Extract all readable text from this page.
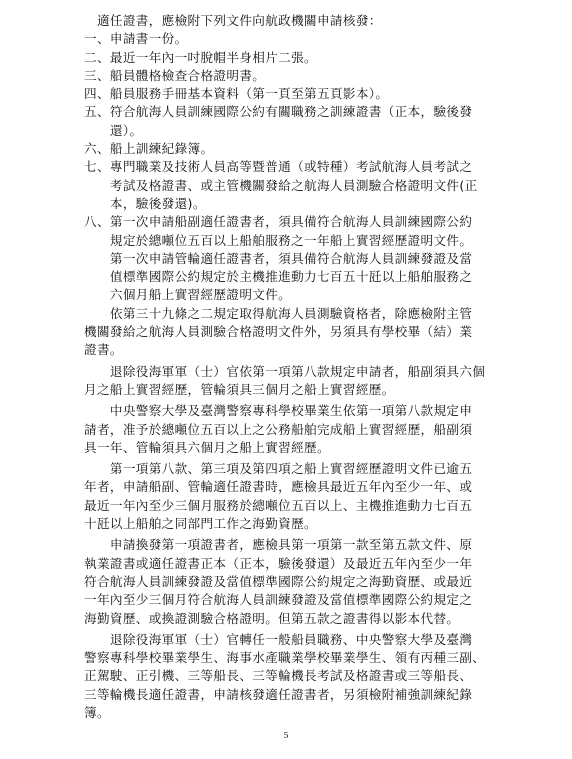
　適任證書，應檢附下列文件向航政機關申請核發：
一、申請書一份。
二、最近一年內一吋脫帽半身相片二張。
三、船員體格檢查合格證明書。
四、船員服務手冊基本資料（第一頁至第五頁影本）。
五、符合航海人員訓練國際公約有關職務之訓練證書（正本，驗後發
　　還）。
六、船上訓練紀錄簿。
七、專門職業及技術人員高等暨普通（或特種）考試航海人員考試之
　　考試及格證書、或主管機關發給之航海人員測驗合格證明文件(正
　　本，驗後發還)。
八、第一次申請船副適任證書者，須具備符合航海人員訓練國際公約
　　規定於總噸位五百以上船舶服務之一年船上實習經歷證明文件。
　　第一次申請管輪適任證書者，須具備符合航海人員訓練發證及當
　　值標準國際公約規定於主機推進動力七百五十瓩以上船舶服務之
　　六個月船上實習經歷證明文件。
　　依第三十九條之二規定取得航海人員測驗資格者，除應檢附主管
機關發給之航海人員測驗合格證明文件外，另須具有學校畢（結）業
證書。
　　退除役海軍軍（士）官依第一項第八款規定申請者，船副須具六個
月之船上實習經歷，管輪須具三個月之船上實習經歷。
　　中央警察大學及臺灣警察專科學校畢業生依第一項第八款規定申
請者，准予於總噸位五百以上之公務船舶完成船上實習經歷，船副須
具一年、管輪須具六個月之船上實習經歷。
　　第一項第八款、第三項及第四項之船上實習經歷證明文件已逾五
年者，申請船副、管輪適任證書時，應檢具最近五年內至少一年、或
最近一年內至少三個月服務於總噸位五百以上、主機推進動力七百五
十瓩以上船舶之同部門工作之海勤資歷。
　　申請換發第一項證書者，應檢具第一項第一款至第五款文件、原
執業證書或適任證書正本（正本，驗後發還）及最近五年內至少一年
符合航海人員訓練發證及當值標準國際公約規定之海勤資歷、或最近
一年內至少三個月符合航海人員訓練發證及當值標準國際公約規定之
海勤資歷、或換證測驗合格證明。但第五款之證書得以影本代替。
　　退除役海軍軍（士）官轉任一般船員職務、中央警察大學及臺灣
警察專科學校畢業學生、海事水產職業學校畢業學生、領有丙種三副、
正駕駛、正引機、三等船長、三等輪機長考試及格證書或三等船長、
三等輪機長適任證書，申請核發適任證書者，另須檢附補強訓練紀錄
簿。
5
